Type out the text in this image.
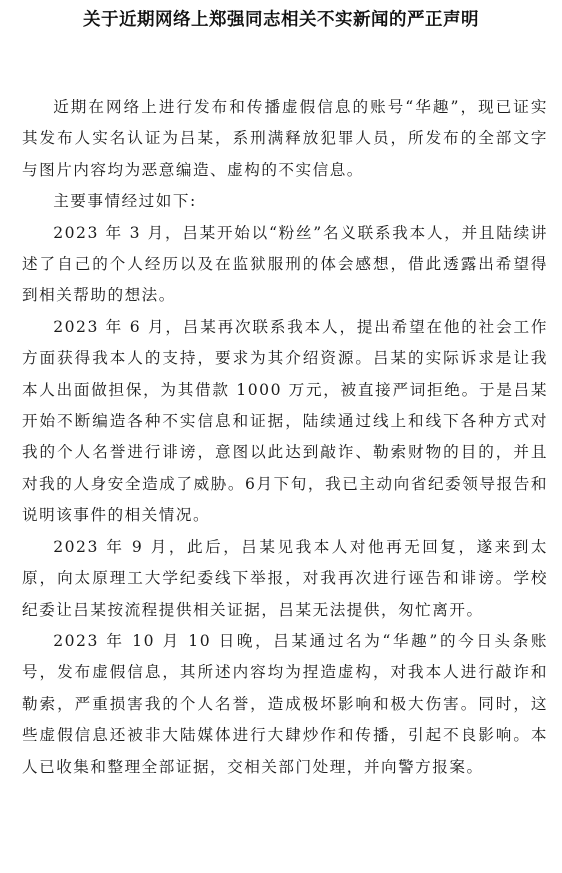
关于近期网络上郑强同志相关不实新闻的严正声明

近期在网络上进行发布和传播虚假信息的账号“华趣”，现已证实其发布人实名认证为吕某，系刑满释放犯罪人员，所发布的全部文字与图片内容均为恶意编造、虚构的不实信息。

主要事情经过如下:

2023 年 3 月，吕某开始以“粉丝”名义联系我本人，并且陆续讲述了自己的个人经历以及在监狱服刑的体会感想，借此透露出希望得到相关帮助的想法。

2023 年 6 月，吕某再次联系我本人，提出希望在他的社会工作方面获得我本人的支持，要求为其介绍资源。吕某的实际诉求是让我本人出面做担保，为其借款 1000 万元，被直接严词拒绝。于是吕某开始不断编造各种不实信息和证据，陆续通过线上和线下各种方式对我的个人名誉进行诽谤，意图以此达到敲诈、勒索财物的目的，并且对我的人身安全造成了威胁。6月下旬，我已主动向省纪委领导报告和说明该事件的相关情况。

2023 年 9 月，此后，吕某见我本人对他再无回复，遂来到太原，向太原理工大学纪委线下举报，对我再次进行诬告和诽谤。学校纪委让吕某按流程提供相关证据，吕某无法提供，匆忙离开。

2023 年 10 月 10 日晚，吕某通过名为“华趣”的今日头条账号，发布虚假信息，其所述内容均为捏造虚构，对我本人进行敲诈和勒索，严重损害我的个人名誉，造成极坏影响和极大伤害。同时，这些虚假信息还被非大陆媒体进行大肆炒作和传播，引起不良影响。本人已收集和整理全部证据，交相关部门处理，并向警方报案。
